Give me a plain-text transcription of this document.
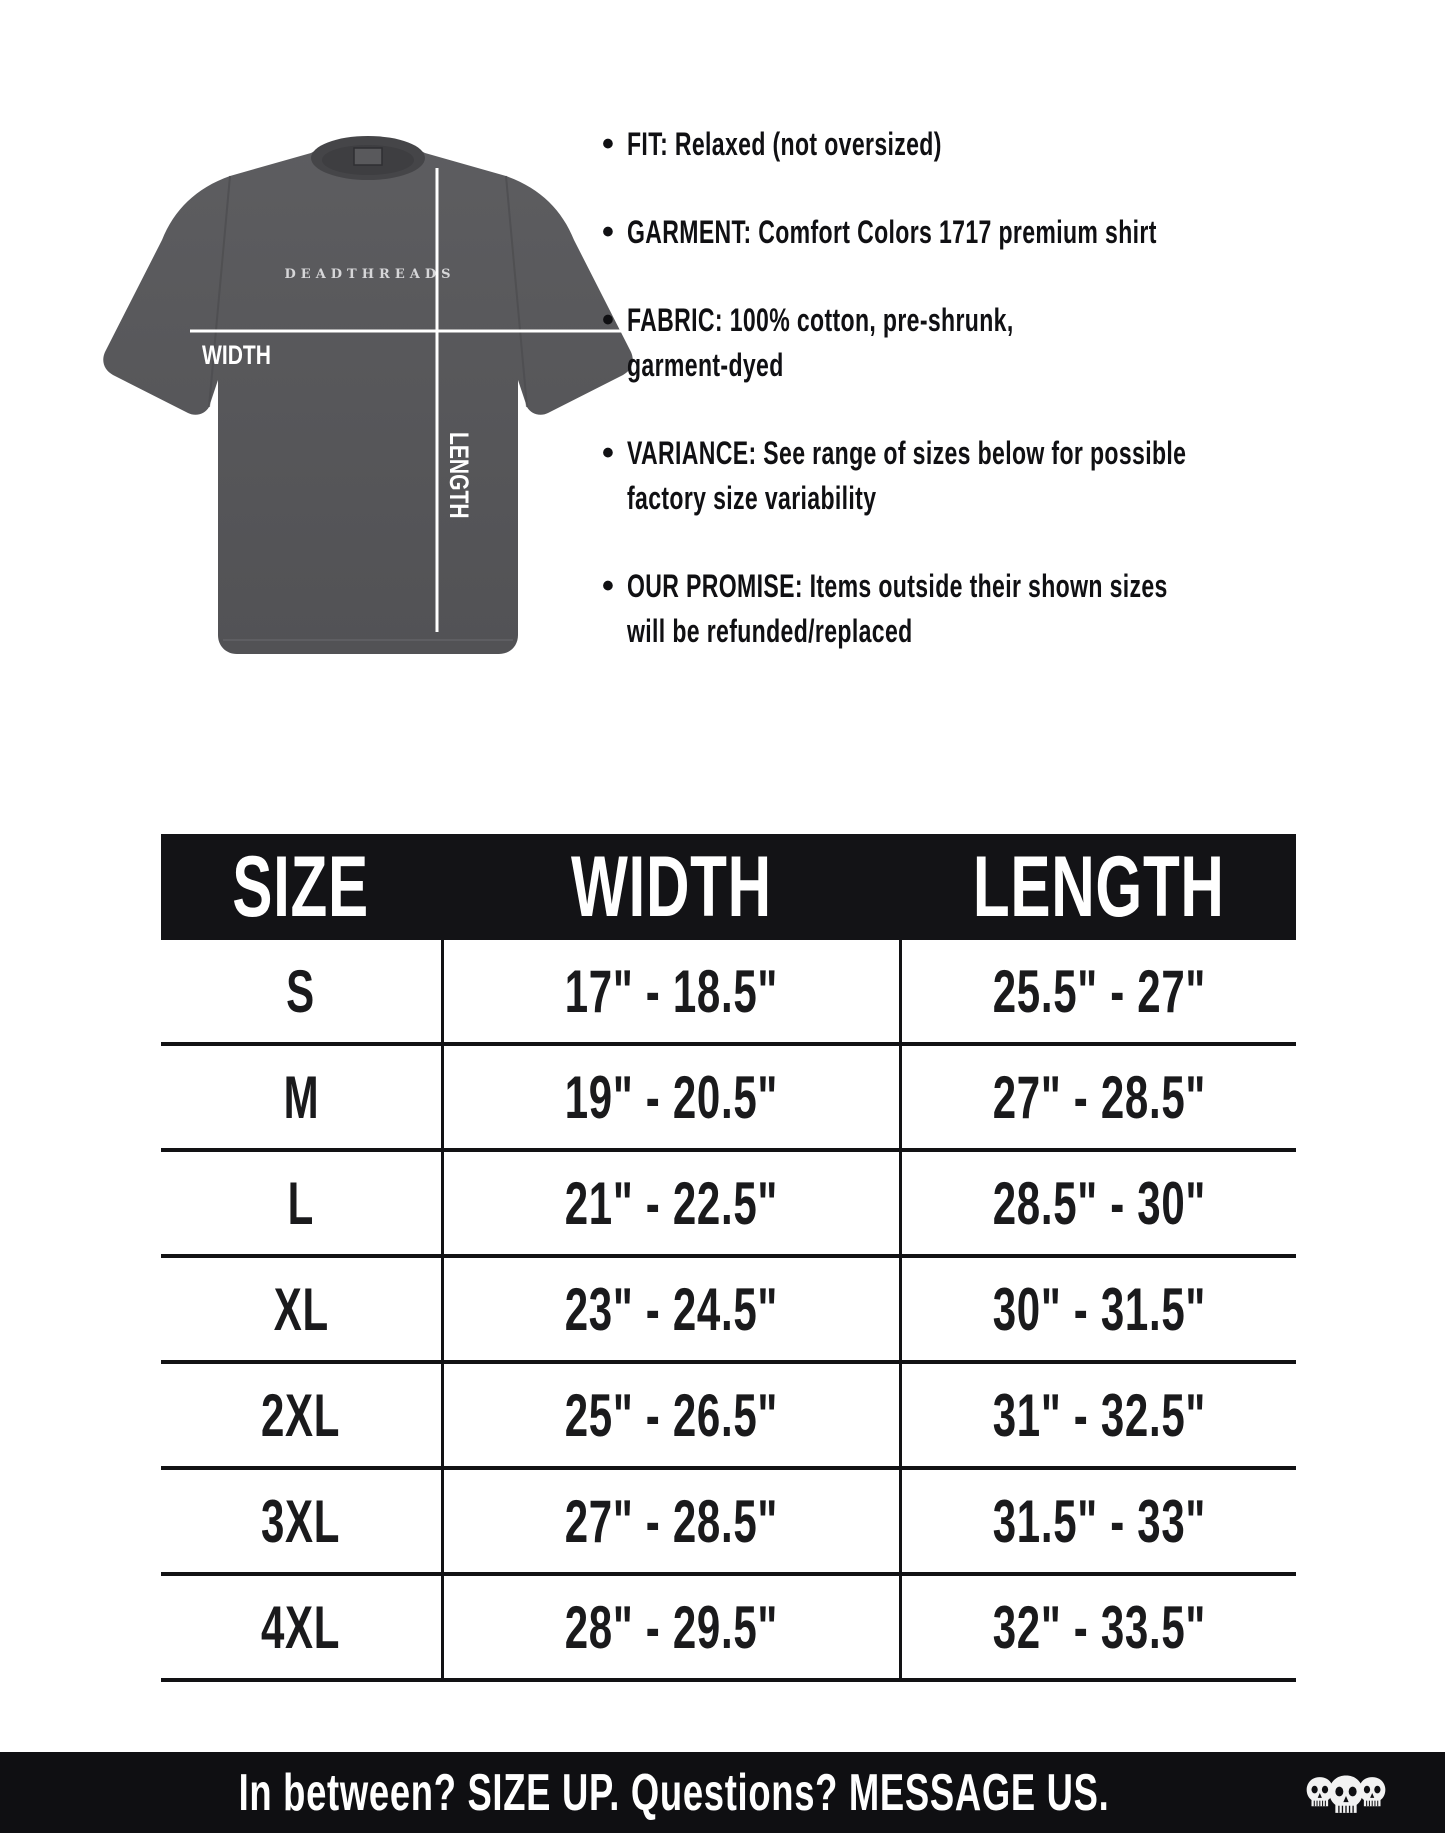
DEADTHREADS
WIDTH
LENGTH
• FIT: Relaxed (not oversized)
• GARMENT: Comfort Colors 1717 premium shirt
• FABRIC: 100% cotton, pre-shrunk,
garment-dyed
• VARIANCE: See range of sizes below for possible
factory size variability
• OUR PROMISE: Items outside their shown sizes
will be refunded/replaced
SIZE	WIDTH	LENGTH
S	17" - 18.5"	25.5" - 27"
M	19" - 20.5"	27" - 28.5"
L	21" - 22.5"	28.5" - 30"
XL	23" - 24.5"	30" - 31.5"
2XL	25" - 26.5"	31" - 32.5"
3XL	27" - 28.5"	31.5" - 33"
4XL	28" - 29.5"	32" - 33.5"
In between? SIZE UP. Questions? MESSAGE US.
